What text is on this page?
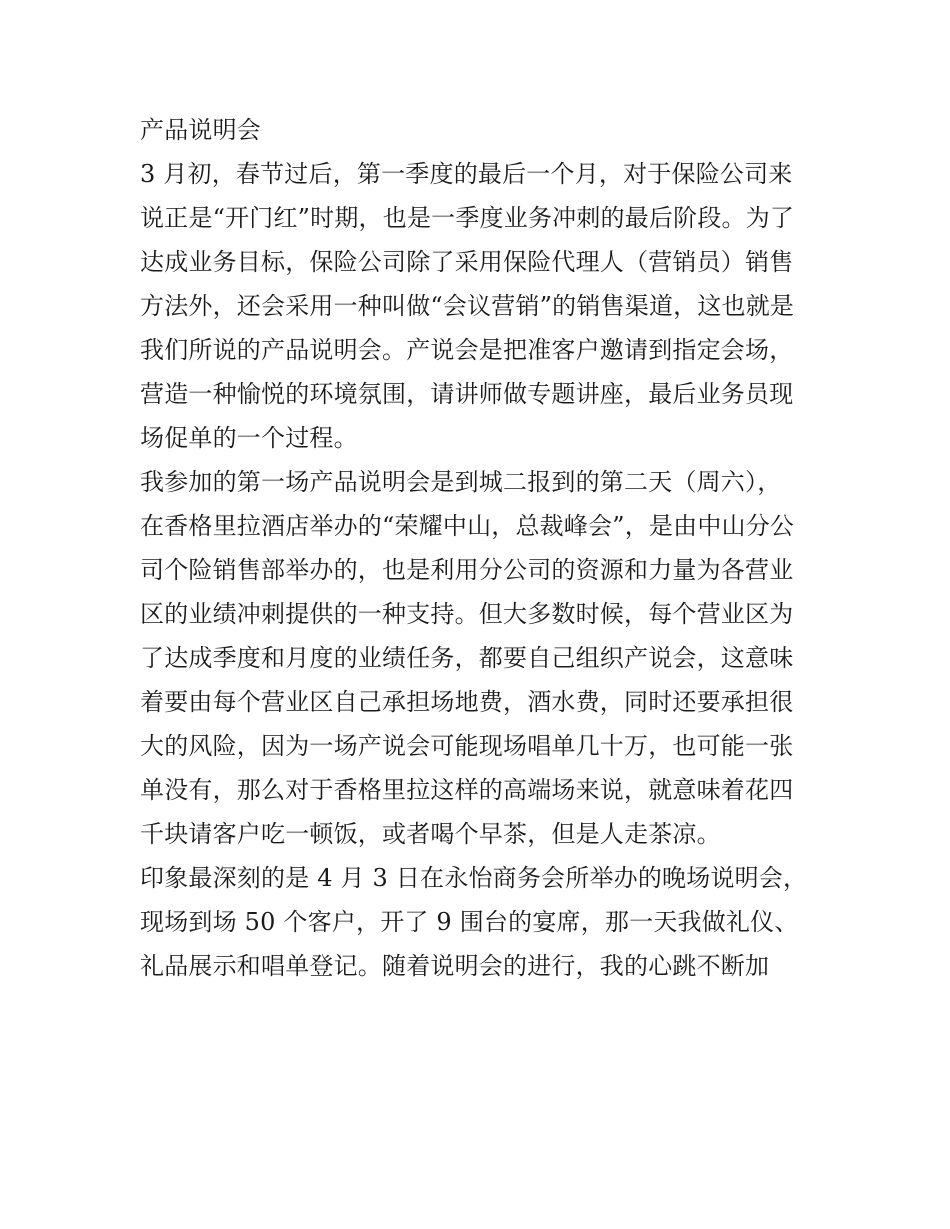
产品说明会
3 月初，春节过后，第一季度的最后一个月，对于保险公司来
说正是“开门红”时期，也是一季度业务冲刺的最后阶段。为了
达成业务目标，保险公司除了采用保险代理人（营销员）销售
方法外，还会采用一种叫做“会议营销”的销售渠道，这也就是
我们所说的产品说明会。产说会是把准客户邀请到指定会场，
营造一种愉悦的环境氛围，请讲师做专题讲座，最后业务员现
场促单的一个过程。
我参加的第一场产品说明会是到城二报到的第二天（周六），
在香格里拉酒店举办的“荣耀中山，总裁峰会”，是由中山分公
司个险销售部举办的，也是利用分公司的资源和力量为各营业
区的业绩冲刺提供的一种支持。但大多数时候，每个营业区为
了达成季度和月度的业绩任务，都要自己组织产说会，这意味
着要由每个营业区自己承担场地费，酒水费，同时还要承担很
大的风险，因为一场产说会可能现场唱单几十万，也可能一张
单没有，那么对于香格里拉这样的高端场来说，就意味着花四
千块请客户吃一顿饭，或者喝个早茶，但是人走茶凉。
印象最深刻的是 4 月 3 日在永怡商务会所举办的晚场说明会，
现场到场 50 个客户，开了 9 围台的宴席，那一天我做礼仪、
礼品展示和唱单登记。随着说明会的进行，我的心跳不断加
